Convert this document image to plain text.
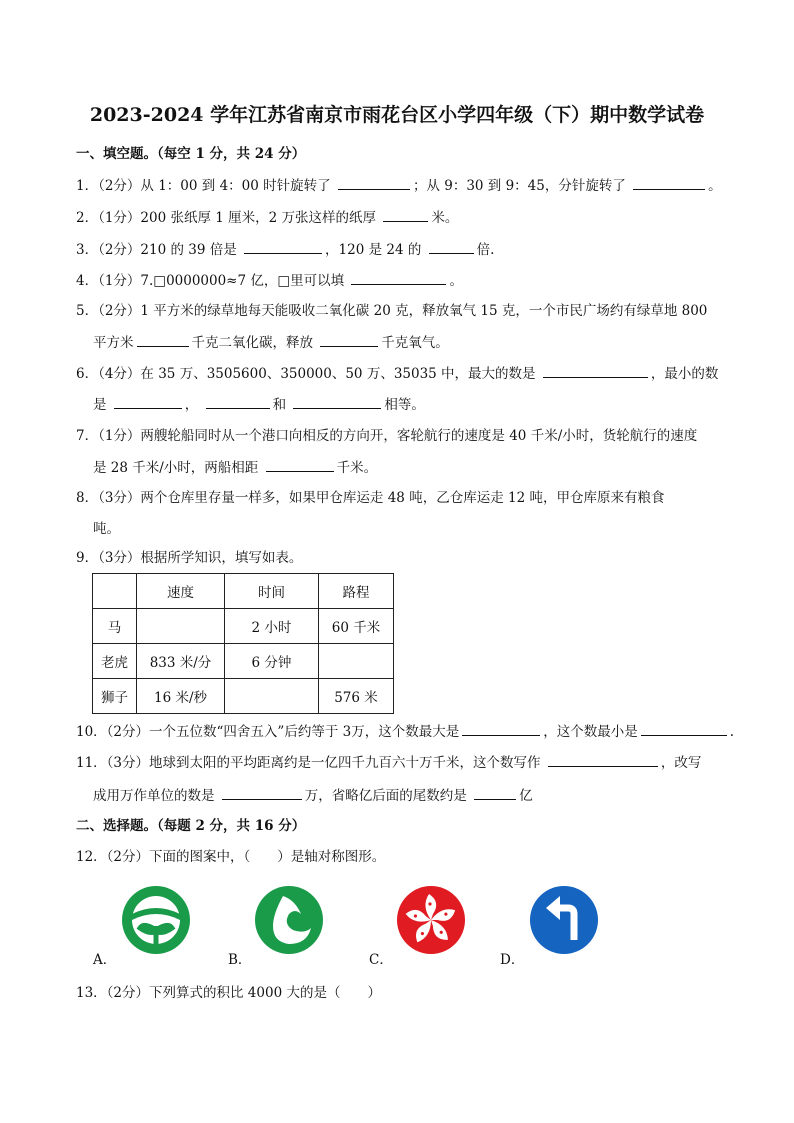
2023-2024 学年江苏省南京市雨花台区小学四年级（下）期中数学试卷
一、填空题。（每空 1 分，共 24 分）
1．（2分）从 1：00 到 4：00 时针旋转了	；从 9：30 到 9：45，分针旋转了	。
2．（1分）200 张纸厚 1 厘米，2 万张这样的纸厚	米。
3．（2分）210 的 39 倍是	，120 是 24 的	倍.
4．（1分）7.□0000000≈7 亿，□里可以填	。
5．（2分）1 平方米的绿草地每天能吸收二氧化碳 20 克，释放氧气 15 克，一个市民广场约有绿草地 800
平方米	千克二氧化碳，释放	千克氧气。
6．（4分）在 35 万、3505600、350000、50 万、35035 中，最大的数是	，最小的数
是	，	和	相等。
7．（1分）两艘轮船同时从一个港口向相反的方向开，客轮航行的速度是 40 千米/小时，货轮航行的速度
是 28 千米/小时，两船相距	千米。
8．（3分）两个仓库里存量一样多，如果甲仓库运走 48 吨，乙仓库运走 12 吨，甲仓库原来有粮食
吨。
9．（3分）根据所学知识，填写如表。
	速度	时间	路程
马		2 小时	60 千米
老虎	833 米/分	6 分钟	
狮子	16 米/秒		576 米
10．（2分）一个五位数“四舍五入”后约等于 3万，这个数最大是	，这个数最小是	.
11．（3分）地球到太阳的平均距离约是一亿四千九百六十万千米，这个数写作	，改写
成用万作单位的数是	万，省略亿后面的尾数约是	亿
二、选择题。（每题 2 分，共 16 分）
12．（2分）下面的图案中，（　　）是轴对称图形。
A．	B．	C．	D．
13．（2分）下列算式的积比 4000 大的是（　　）
